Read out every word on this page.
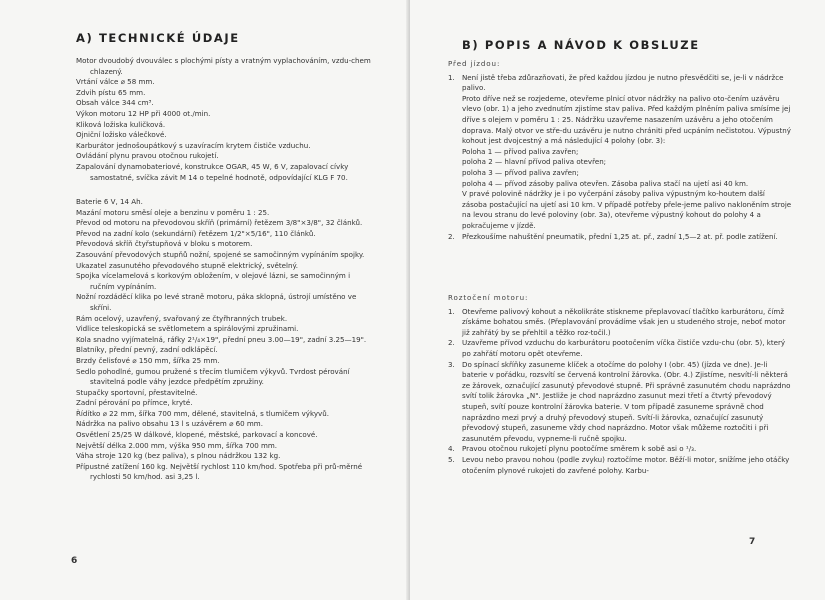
A) TECHNICKÉ ÚDAJE
Motor dvoudobý dvouválec s plochými písty a vratným vyplachováním, vzdu-chem chlazený.
Vrtání válce ⌀ 58 mm.
Zdvih pístu 65 mm.
Obsah válce 344 cm³.
Výkon motoru 12 HP při 4000 ot./min.
Kliková ložiska kuličková.
Ojniční ložisko válečkové.
Karburátor jednošoupátkový s uzavíracím krytem čističe vzduchu.
Ovládání plynu pravou otočnou rukojetí.
Zapalování dynamobateriové, konstrukce OGAR, 45 W, 6 V, zapalovací cívky samostatné, svíčka závit M 14 o tepelné hodnotě, odpovídající KLG F 70.
Baterie 6 V, 14 Ah.
Mazání motoru směsí oleje a benzinu v poměru 1 : 25.
Převod od motoru na převodovou skříň (primární) řetězem 3/8"×3/8", 32 článků.
Převod na zadní kolo (sekundární) řetězem 1/2"×5/16", 110 článků.
Převodová skříň čtyřstupňová v bloku s motorem.
Zasouvání převodových stupňů nožní, spojené se samočinným vypínáním spojky.
Ukazatel zasunutého převodového stupně elektrický, světelný.
Spojka vícelamelová s korkovým obložením, v olejové lázni, se samočinným i ručním vypínáním.
Nožní rozdáděcí klika po levé straně motoru, páka sklopná, ústrojí umístěno ve skříni.
Rám ocelový, uzavřený, svařovaný ze čtyřhranných trubek.
Vidlice teleskopická se světlometem a spirálovými zpružinami.
Kola snadno vyjímatelná, ráfky 2¹/₄×19", přední pneu 3.00—19", zadní 3.25—19".
Blatníky, přední pevný, zadní odklápěcí.
Brzdy čelisťové ⌀ 150 mm, šířka 25 mm.
Sedlo pohodlné, gumou pružené s třecím tlumičem výkyvů. Tvrdost pérování stavitelná podle váhy jezdce předpětím zpružiny.
Stupačky sportovní, přestavitelné.
Zadní pérování po přímce, kryté.
Řídítko ⌀ 22 mm, šířka 700 mm, dělené, stavitelná, s tlumičem výkyvů.
Nádržka na palivo obsahu 13 l s uzávěrem ⌀ 60 mm.
Osvětlení 25/25 W dálkové, klopené, městské, parkovací a koncové.
Největší délka 2.000 mm, výška 950 mm, šířka 700 mm.
Váha stroje 120 kg (bez paliva), s plnou nádržkou 132 kg.
Přípustné zatížení 160 kg. Největší rychlost 110 km/hod. Spotřeba při prů-měrné rychlosti 50 km/hod. asi 3,25 l.
6
B) POPIS A NÁVOD K OBSLUZE
Před jízdou:
1.	Není jistě třeba zdůrazňovati, že před každou jízdou je nutno přesvědčiti se, je-li v nádržce palivo.
Proto dříve než se rozjedeme, otevřeme plnicí otvor nádržky na palivo oto-čením uzávěru vlevo (obr. 1) a jeho zvednutím zjistíme stav paliva. Před každým plněním paliva smísíme jej dříve s olejem v poměru 1 : 25. Nádržku uzavřeme nasazením uzávěru a jeho otočením doprava. Malý otvor ve stře-du uzávěru je nutno chrániti před ucpáním nečistotou. Výpustný kohout jest dvojcestný a má následující 4 polohy (obr. 3):
Poloha 1 — přívod paliva zavřen;
poloha 2 — hlavní přívod paliva otevřen;
poloha 3 — přívod paliva zavřen;
poloha 4 — přívod zásoby paliva otevřen. Zásoba paliva stačí na ujetí asi 40 km.
V pravé polovině nádržky je i po vyčerpání zásoby paliva výpustným ko-houtem další zásoba postačující na ujetí asi 10 km. V případě potřeby přele-jeme palivo nakloněním stroje na levou stranu do levé poloviny (obr. 3a), otevřeme výpustný kohout do polohy 4 a pokračujeme v jízdě.
2.	Přezkoušíme nahuštění pneumatik, přední 1,25 at. př., zadní 1,5—2 at. př. podle zatížení.
Roztočení motoru:
1.	Otevřeme palivový kohout a několikráte stiskneme přeplavovací tlačítko karburátoru, čímž získáme bohatou směs. (Přeplavování provádíme však jen u studeného stroje, neboť motor již zahřátý by se přehltil a těžko roz-točil.)
2.	Uzavřeme přívod vzduchu do karburátoru pootočením víčka čističe vzdu-chu (obr. 5), který po zahřátí motoru opět otevřeme.
3.	Do spínací skříňky zasuneme klíček a otočíme do polohy I (obr. 45) (jízda ve dne). Je-li baterie v pořádku, rozsvítí se červená kontrolní žárovka. (Obr. 4.) Zjistíme, nesvítí-li některá ze žárovek, označující zasunutý převodové stupně. Při správně zasunutém chodu naprázdno svítí tolik žárovka „N". Jestliže je chod naprázdno zasunut mezi třetí a čtvrtý převodový stupeň, svítí pouze kontrolní žárovka baterie. V tom případě zasuneme správně chod naprázdno mezi prvý a druhý převodový stupeň. Svítí-li žárovka, označující zasunutý převodový stupeň, zasuneme vždy chod naprázdno. Motor však můžeme roztočiti i při zasunutém převodu, vypneme-li ručně spojku.
4.	Pravou otočnou rukojetí plynu pootočíme směrem k sobě asi o ¹/₃.
5.	Levou nebo pravou nohou (podle zvyku) roztočíme motor. Běží-li motor, snížíme jeho otáčky otočením plynové rukojeti do zavřené polohy. Karbu-
7
